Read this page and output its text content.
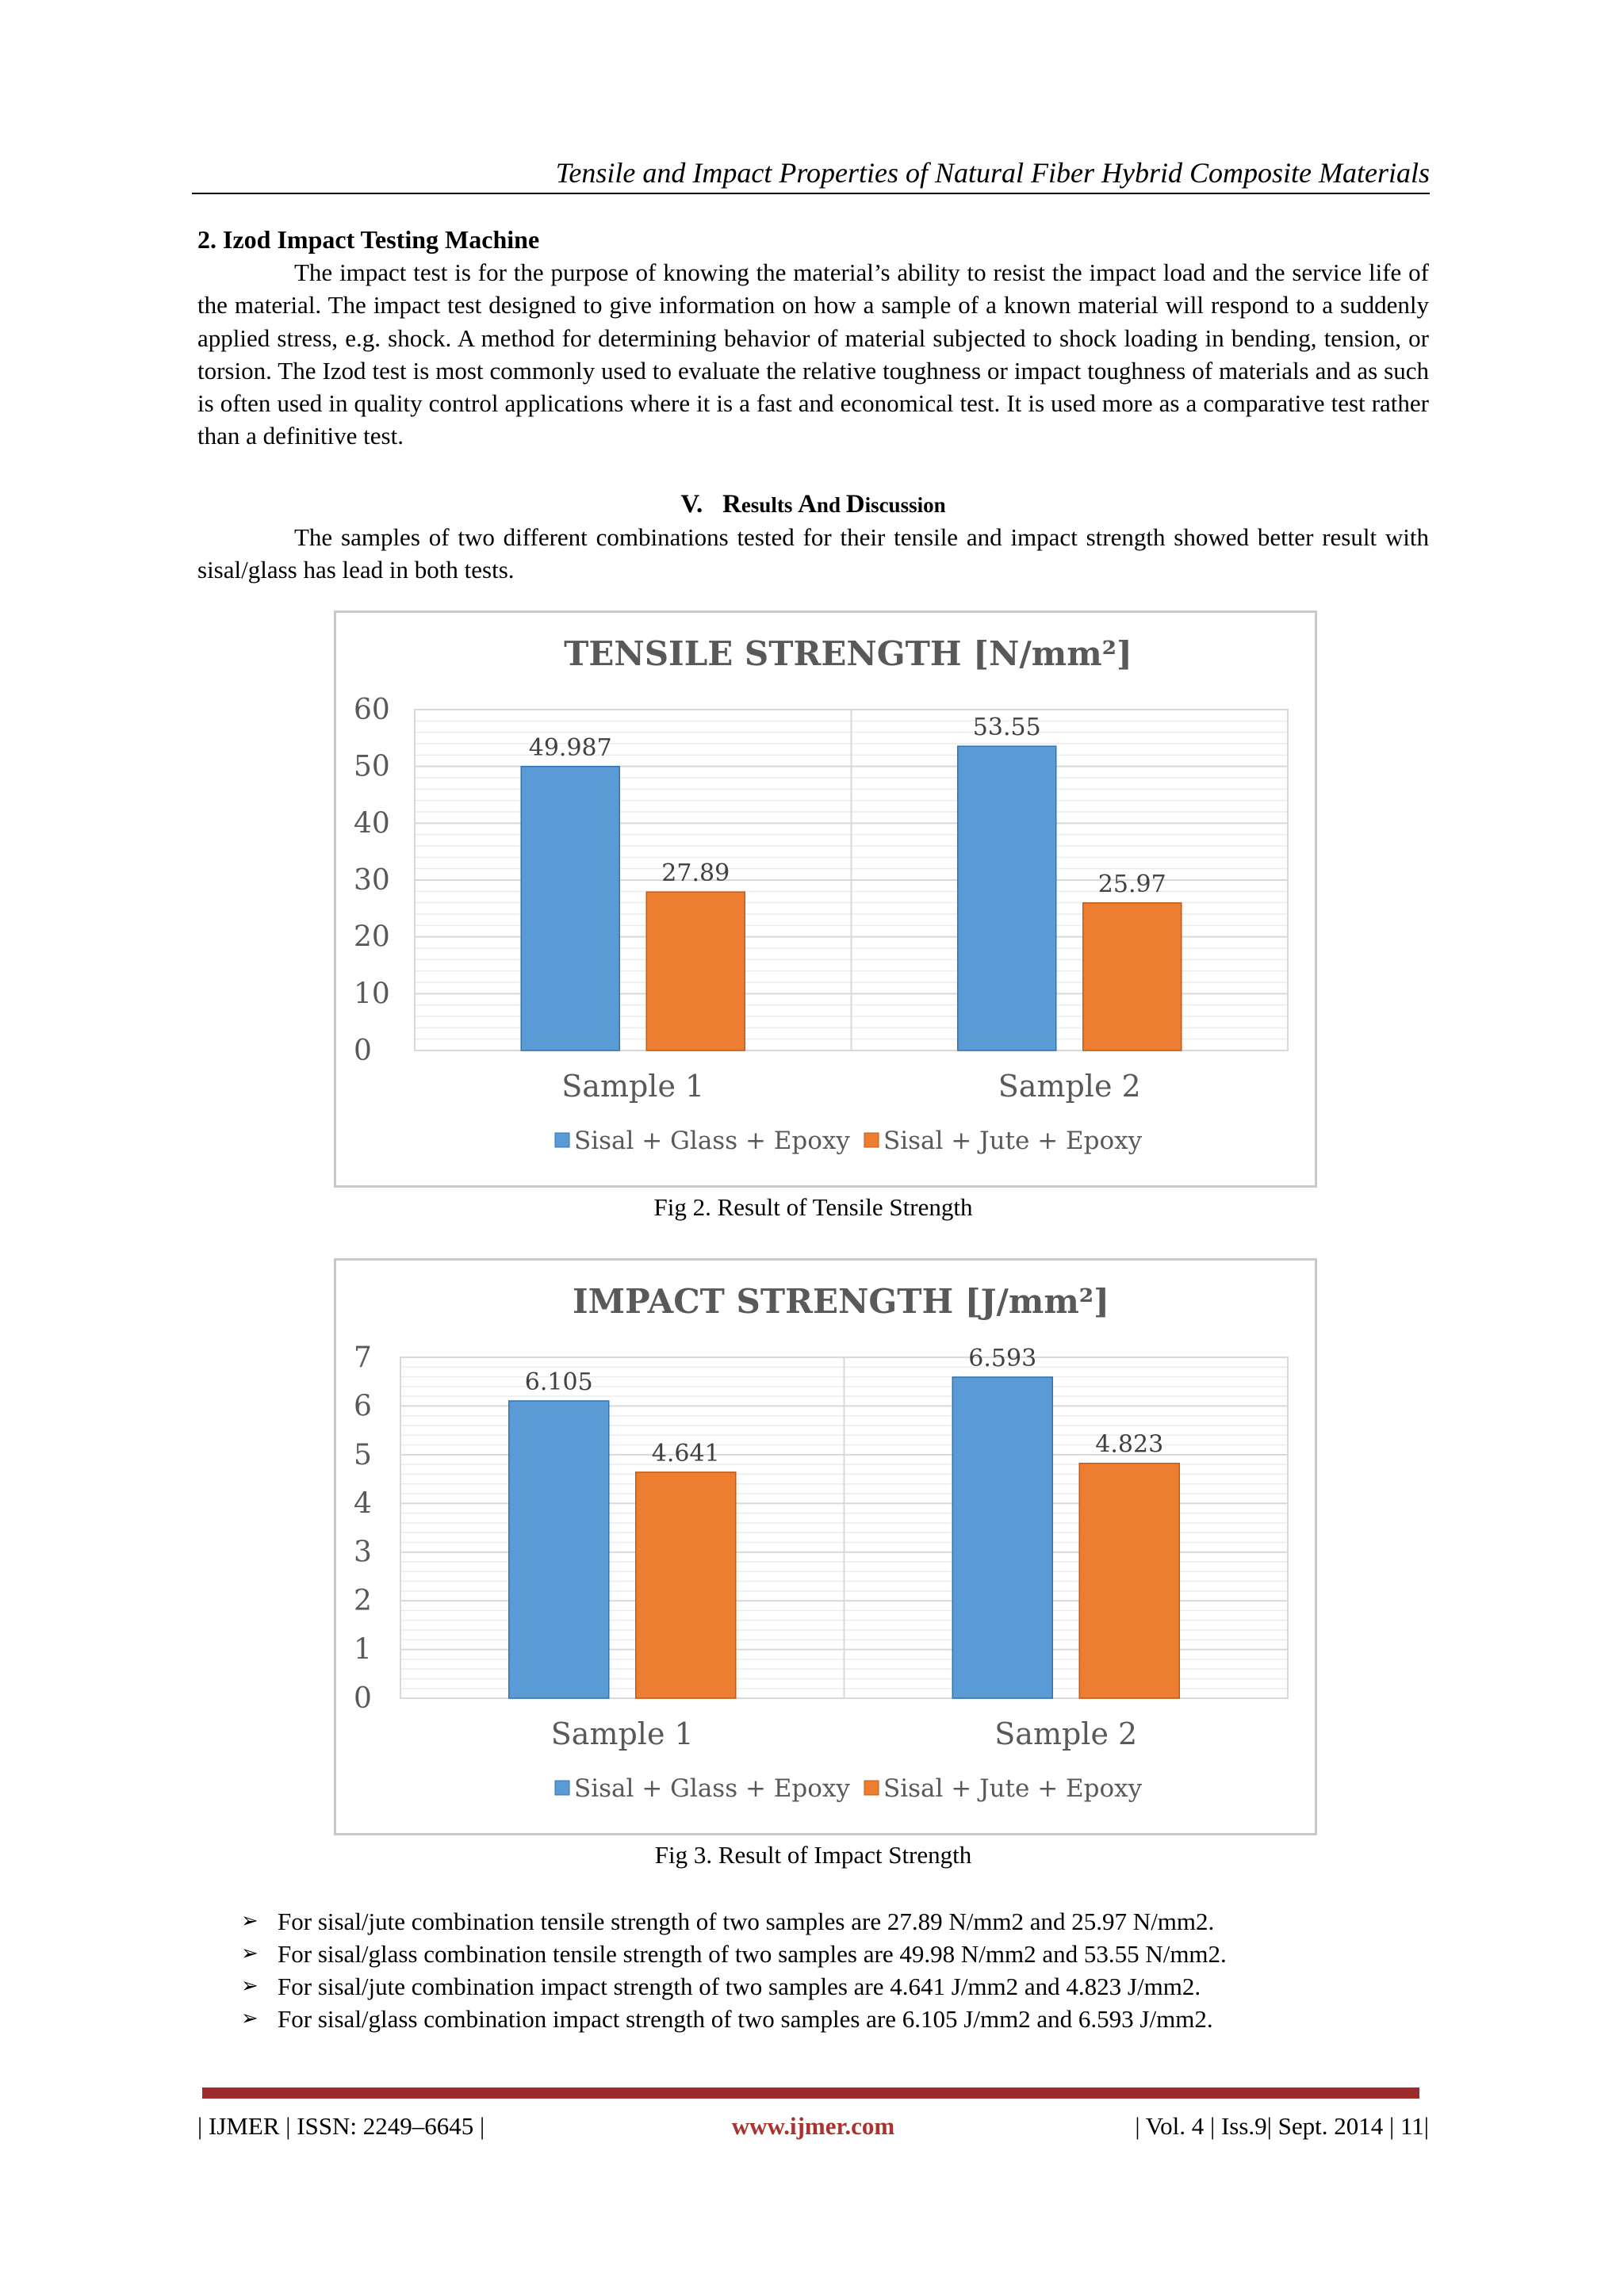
Tensile and Impact Properties of Natural Fiber Hybrid Composite Materials
2. Izod Impact Testing Machine
The impact test is for the purpose of knowing the material’s ability to resist the impact load and the service life of the material. The impact test designed to give information on how a sample of a known material will respond to a suddenly applied stress, e.g. shock. A method for determining behavior of material subjected to shock loading in bending, tension, or torsion. The Izod test is most commonly used to evaluate the relative toughness or impact toughness of materials and as such is often used in quality control applications where it is a fast and economical test. It is used more as a comparative test rather than a definitive test.
V. Results And Discussion
The samples of two different combinations tested for their tensile and impact strength showed better result with sisal/glass has lead in both tests.
TENSILE STRENGTH [N/mm²]
0
10
20
30
40
50
60
49.987
27.89
Sample 1
53.55
25.97
Sample 2
Sisal + Glass + Epoxy Sisal + Jute + Epoxy
Fig 2. Result of Tensile Strength
IMPACT STRENGTH [J/mm²]
0
1
2
3
4
5
6
7
6.105
4.641
Sample 1
6.593
4.823
Sample 2
Sisal + Glass + Epoxy Sisal + Jute + Epoxy
Fig 3. Result of Impact Strength
➢ For sisal/jute combination tensile strength of two samples are 27.89 N/mm2 and 25.97 N/mm2.
➢ For sisal/glass combination tensile strength of two samples are 49.98 N/mm2 and 53.55 N/mm2.
➢ For sisal/jute combination impact strength of two samples are 4.641 J/mm2 and 4.823 J/mm2.
➢ For sisal/glass combination impact strength of two samples are 6.105 J/mm2 and 6.593 J/mm2.
| IJMER | ISSN: 2249–6645 |	www.ijmer.com	| Vol. 4 | Iss.9| Sept. 2014 | 11|
